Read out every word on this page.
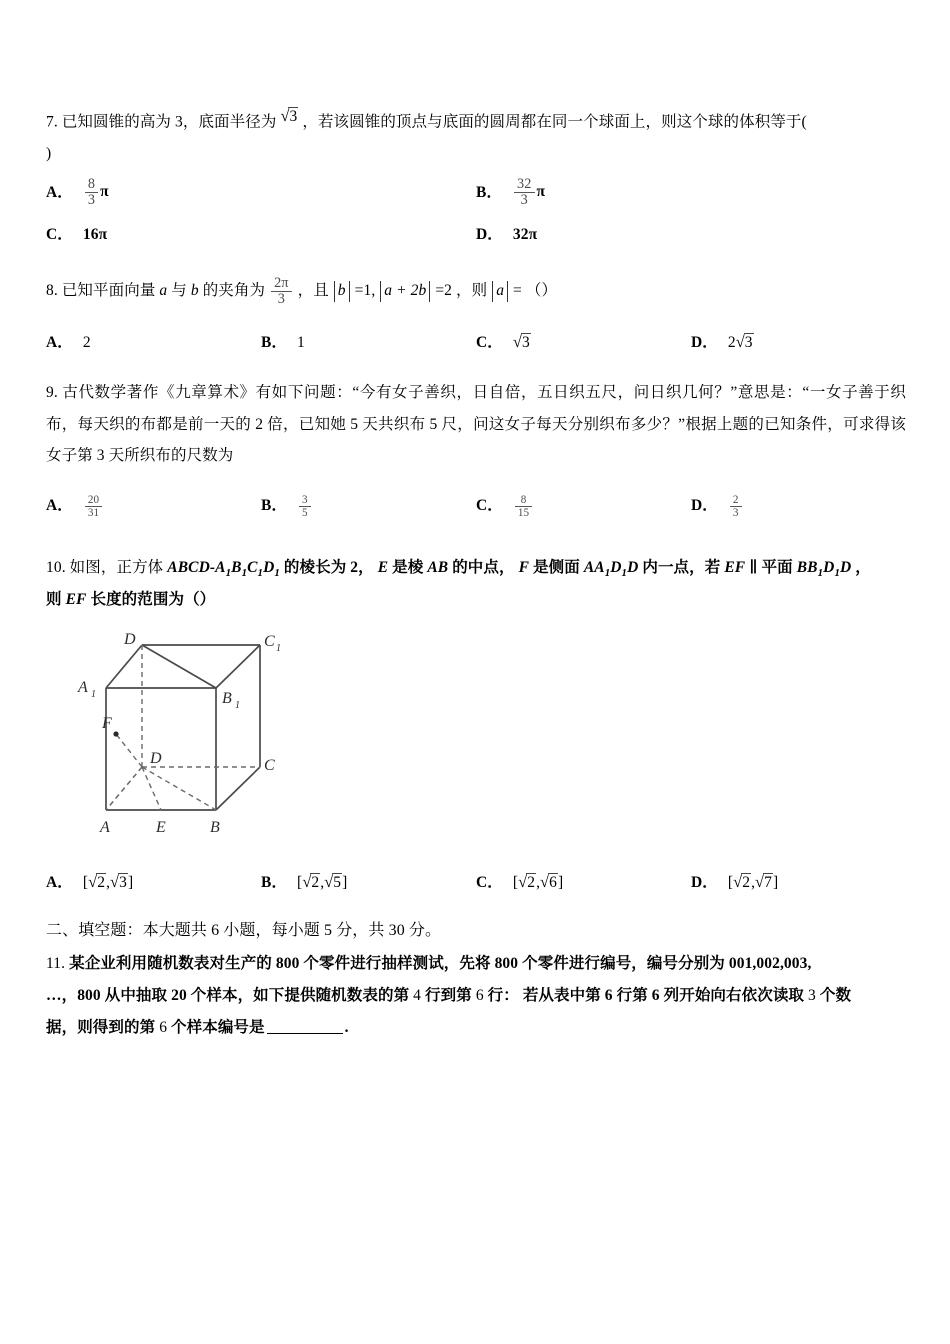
7. 已知圆锥的高为 3，底面半径为 √3 ，若该圆锥的顶点与底面的圆周都在同一个球面上，则这个球的体积等于(
)
A． $\frac{8}{3}$ π	B． $\frac{32}{3}$ π
C． 16π	D． 32π
8. 已知平面向量 a 与 b 的夹角为 $\frac{2\pi}{3}$ ，且 b =1, a + 2b =2 ，则 a = （）
A． 2	B． 1	C． √3	D． 2√3
9. 古代数学著作《九章算术》有如下问题：“今有女子善织，日自倍，五日织五尺，问日织几何？”意思是：“一女子善于织布，每天织的布都是前一天的 2 倍，已知她 5 天共织布 5 尺，问这女子每天分别织布多少？”根据上题的已知条件，可求得该女子第 3 天所织布的尺数为
A． $\frac{20}{31}$	B． $\frac{3}{5}$	C． $\frac{8}{15}$	D． $\frac{2}{3}$
10. 如图，正方体 ABCD-$A_1B_1C_1D_1$ 的棱长为 2， E 是棱 AB 的中点， F 是侧面 $AA_1D_1D$ 内一点，若 EF ∥ 平面 $BB_1D_1D$ ，
则 EF 长度的范围为（）
D	C 1
A 1	B 1
F
D	C
A	E	B
A． [√2,√3]	B． [√2,√5]	C． [√2,√6]	D． [√2,√7]
二、填空题：本大题共 6 小题，每小题 5 分，共 30 分。
11. 某企业利用随机数表对生产的 800 个零件进行抽样测试，先将 800 个零件进行编号，编号分别为 001,002,003,
…，800 从中抽取 20 个样本，如下提供随机数表的第 4 行到第 6 行： 若从表中第 6 行第 6 列开始向右依次读取 3 个数
据，则得到的第 6 个样本编号是	.
